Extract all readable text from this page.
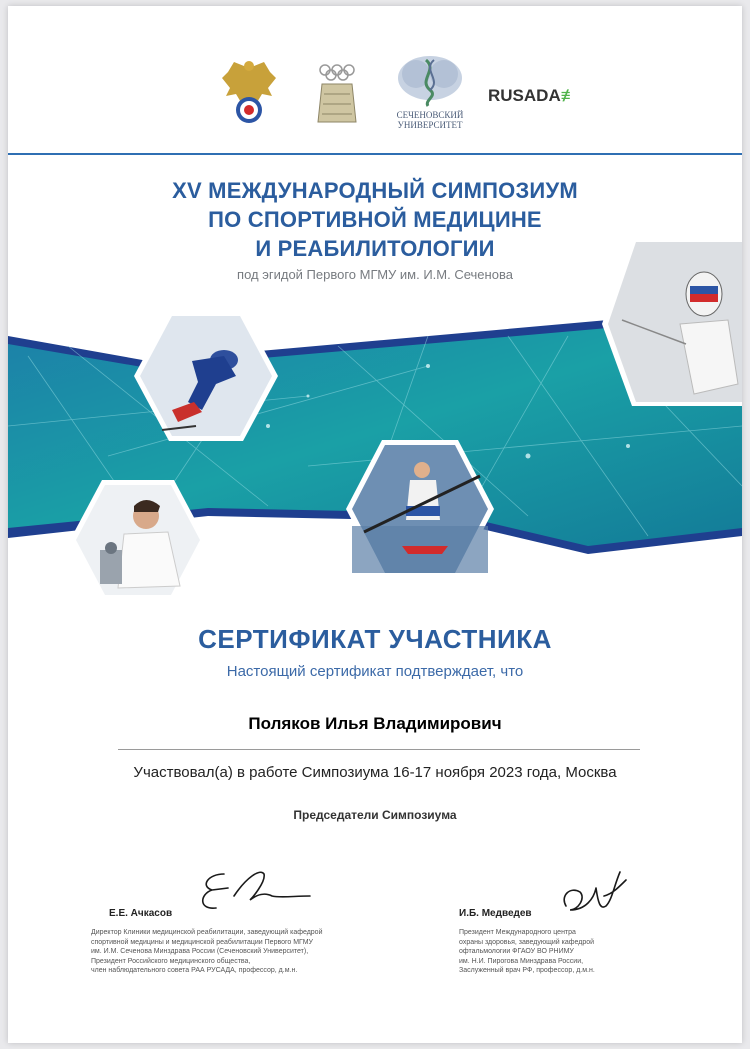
СЕЧЕНОВСКИЙ
УНИВЕРСИТЕТ
RUSADA≢
XV МЕЖДУНАРОДНЫЙ СИМПОЗИУМ
ПО СПОРТИВНОЙ МЕДИЦИНЕ
И РЕАБИЛИТОЛОГИИ
под эгидой Первого МГМУ им. И.М. Сеченова
СЕРТИФИКАТ УЧАСТНИКА
Настоящий сертификат подтверждает, что
Поляков Илья Владимирович
Участвовал(а) в работе Симпозиума 16-17 ноября 2023 года, Москва
Председатели Симпозиума
Е.Е. Ачкасов
Директор Клиники медицинской реабилитации, заведующий кафедрой
спортивной медицины и медицинской реабилитации Первого МГМУ
им. И.М. Сеченова Минздрава России (Сеченовский Университет),
Президент Российского медицинского общества,
член наблюдательного совета РАА РУСАДА, профессор, д.м.н.
И.Б. Медведев
Президент Международного центра
охраны здоровья, заведующий кафедрой
офтальмологии ФГАОУ ВО РНИМУ
им. Н.И. Пирогова Минздрава России,
Заслуженный врач РФ, профессор, д.м.н.
